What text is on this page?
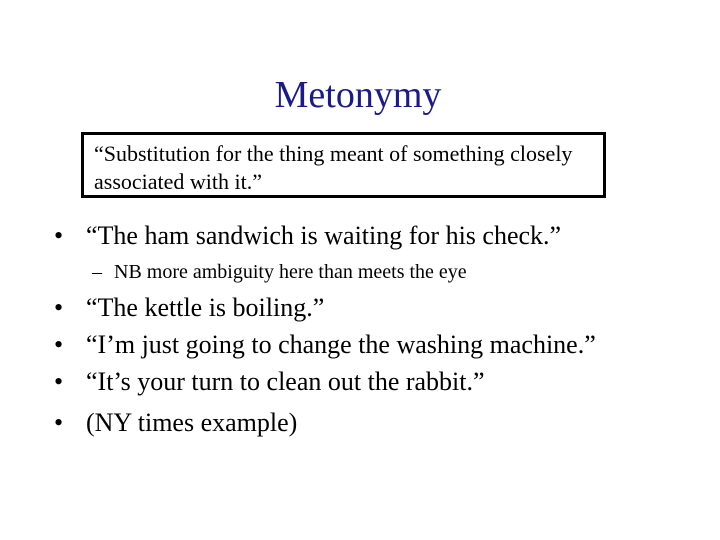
Metonymy

“Substitution for the thing meant of something closely associated with it.”

• “The ham sandwich is waiting for his check.”
– NB more ambiguity here than meets the eye
• “The kettle is boiling.”
• “I’m just going to change the washing machine.”
• “It’s your turn to clean out the rabbit.”
• (NY times example)
